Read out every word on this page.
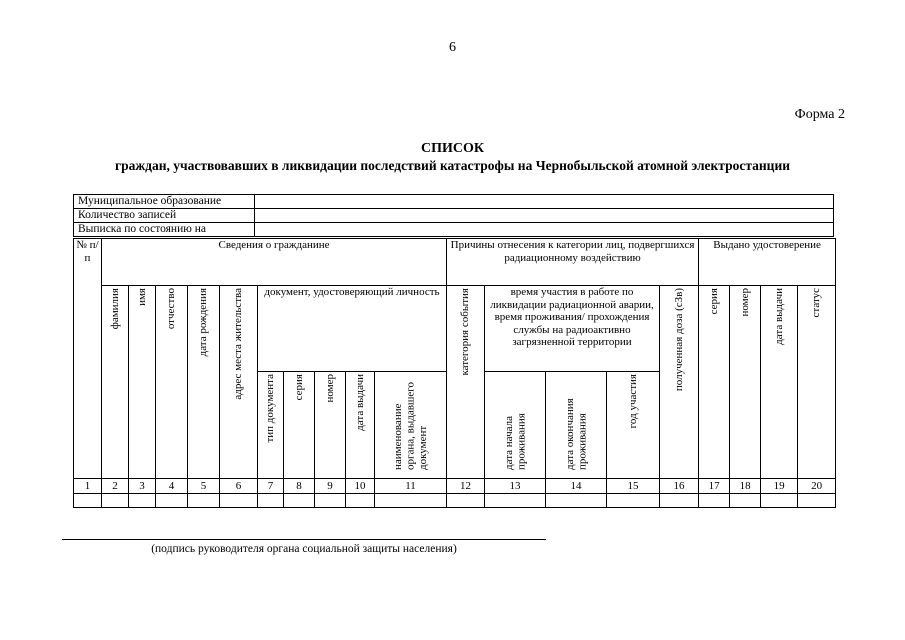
6
Форма 2
СПИСОК
граждан, участвовавших в ликвидации последствий катастрофы на Чернобыльской атомной электростанции
Муниципальное образование	
Количество записей	
Выписка по состоянию на	
№ п/п	Сведения о гражданине										Причины отнесения к категории лиц, подвергшихся радиационному воздействию					Выдано удостоверение			
	фамилия	имя	отчество	дата рождения	адрес места жительства	документ, удостоверяющий личность					категория события	время участия в работе по ликвидации радиационной аварии, время проживания/ прохождения службы на радиоактивно загрязненной территории			полученная доза (сЗв)	серия	номер	дата выдачи	статус
						тип документа	серия	номер	дата выдачи	наименование органа, выдавшего документ		дата начала проживания	дата окончания проживания	год участия					
1	2	3	4	5	6	7	8	9	10	11	12	13	14	15	16	17	18	19	20

(подпись руководителя органа социальной защиты населения)
